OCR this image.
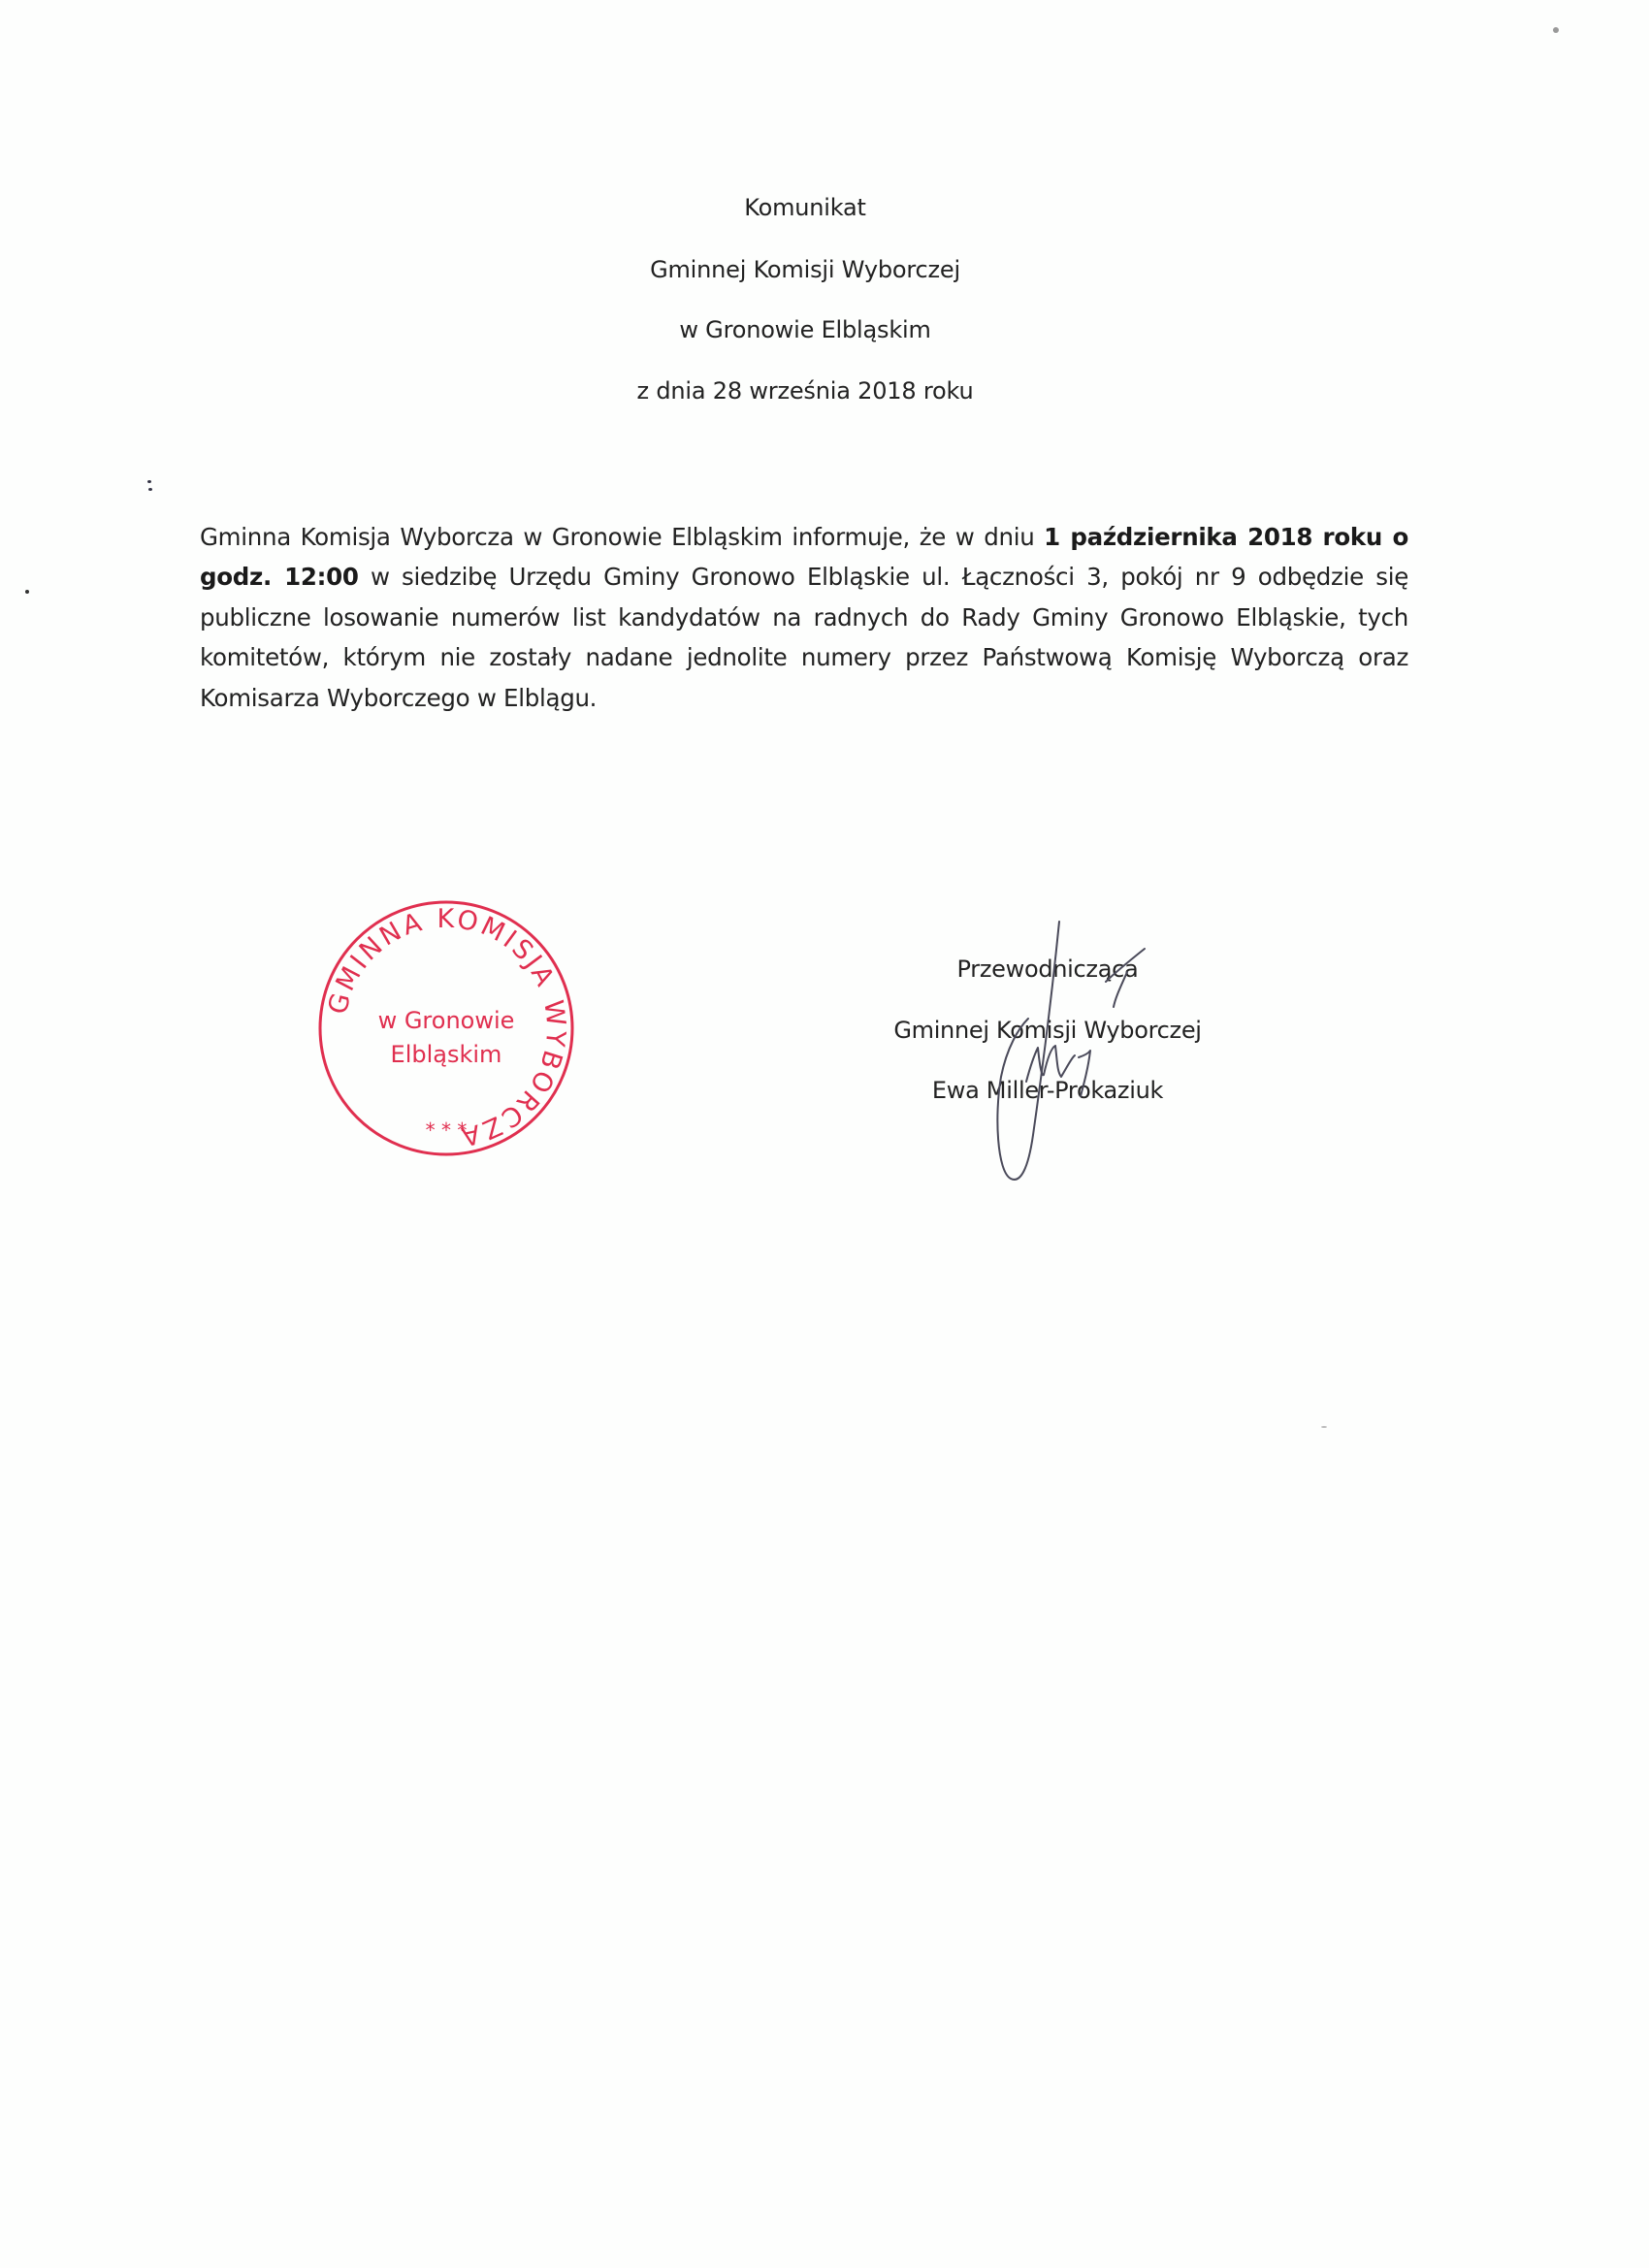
Komunikat
Gminnej Komisji Wyborczej
w Gronowie Elbląskim
z dnia 28 września 2018 roku

Gminna Komisja Wyborcza w Gronowie Elbląskim informuje, że w dniu 1 października 2018 roku o godz. 12:00 w siedzibę Urzędu Gminy Gronowo Elbląskie ul. Łączności 3, pokój nr 9 odbędzie się publiczne losowanie numerów list kandydatów na radnych do Rady Gminy Gronowo Elbląskie, tych komitetów, którym nie zostały nadane jednolite numery przez Państwową Komisję Wyborczą oraz Komisarza Wyborczego w Elblągu.

GMINNA KOMISJA WYBORCZA
w Gronowie
Elbląskim
* * *
Przewodnicząca
Gminnej Komisji Wyborczej
Ewa Miller-Prokaziuk
